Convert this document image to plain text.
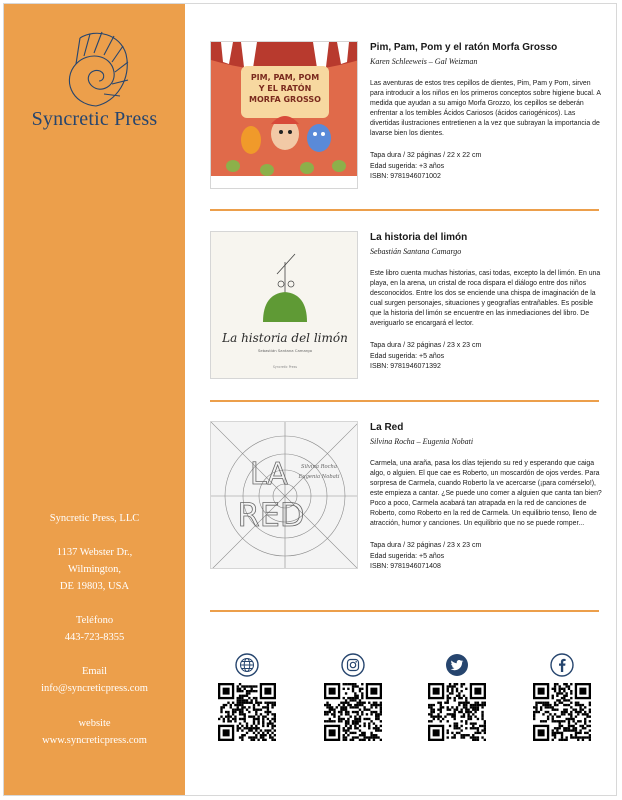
Syncretic Press
Syncretic Press, LLC
1137 Webster Dr.,
Wilmington,
DE 19803, USA
Teléfono
443-723-8355
Email
info@syncreticpress.com
website
www.syncreticpress.com
PIM, PAM, POM
Y EL RATÓN
MORFA GROSSO
Pim, Pam, Pom y el ratón Morfa Grosso
Karen Schleeweis – Gal Weizman
Las aventuras de estos tres cepillos de dientes, Pim, Pam y Pom, sirven para introducir a los niños en los primeros conceptos sobre higiene bucal. A medida que ayudan a su amigo Morfa Grozzo, los cepillos se deberán enfrentar a los temibles Ácidos Cariosos (ácidos cariogénicos). Las divertidas ilustraciones entretienen a la vez que subrayan la importancia de lavarse bien los dientes.
Tapa dura / 32 páginas / 22 x 22 cm
Edad sugerida: +3 años
ISBN: 9781946071002
La historia del limón
Sebastián Santana Camargo
Syncretic Press
La historia del limón
Sebastián Santana Camargo
Este libro cuenta muchas historias, casi todas, excepto la del limón. En una playa, en la arena, un cristal de roca dispara el diálogo entre dos niños desconocidos. Entre los dos se enciende una chispa de imaginación de la cual surgen personajes, situaciones y geografías entrañables. Es posible que la historia del limón se encuentre en las inmediaciones del libro. De averiguarlo se encargará el lector.
Tapa dura / 32 páginas / 23 x 23 cm
Edad sugerida: +5 años
ISBN: 9781946071392
LA
RED
Silvina Rocha
Eugenia Nobati
La Red
Silvina Rocha – Eugenia Nobati
Carmela, una araña, pasa los días tejiendo su red y esperando que caiga algo, o alguien. El que cae es Roberto, un moscardón de ojos verdes. Para sorpresa de Carmela, cuando Roberto la ve acercarse (¡para comérselo!), este empieza a cantar. ¿Se puede uno comer a alguien que canta tan bien? Poco a poco, Carmela acabará tan atrapada en la red de canciones de Roberto, como Roberto en la red de Carmela. Un equilibrio tenso, lleno de atracción, humor y canciones. Un equilibrio que no se puede romper...
Tapa dura / 32 páginas / 23 x 23 cm
Edad sugerida: +5 años
ISBN: 9781946071408
